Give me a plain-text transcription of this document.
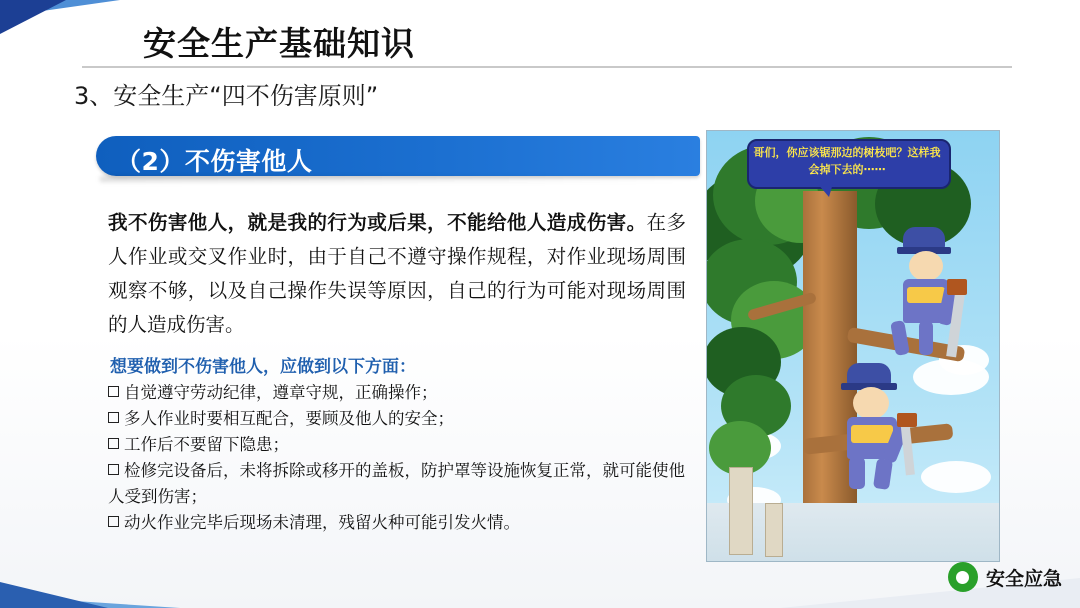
安全生产基础知识
3、安全生产“四不伤害原则”
（2）不伤害他人
我不伤害他人，就是我的行为或后果，不能给他人造成伤害。在多人作业或交叉作业时，由于自己不遵守操作规程，对作业现场周围观察不够，以及自己操作失误等原因，自己的行为可能对现场周围的人造成伤害。
想要做到不伤害他人，应做到以下方面：
自觉遵守劳动纪律，遵章守规，正确操作；
多人作业时要相互配合，要顾及他人的安全；
工作后不要留下隐患；
检修完设备后，未将拆除或移开的盖板，防护罩等设施恢复正常，就可能使他人受到伤害；
动火作业完毕后现场未清理，残留火种可能引发火情。
哥们，你应该锯那边的树枝吧？这样我会掉下去的⋯⋯
安全应急
